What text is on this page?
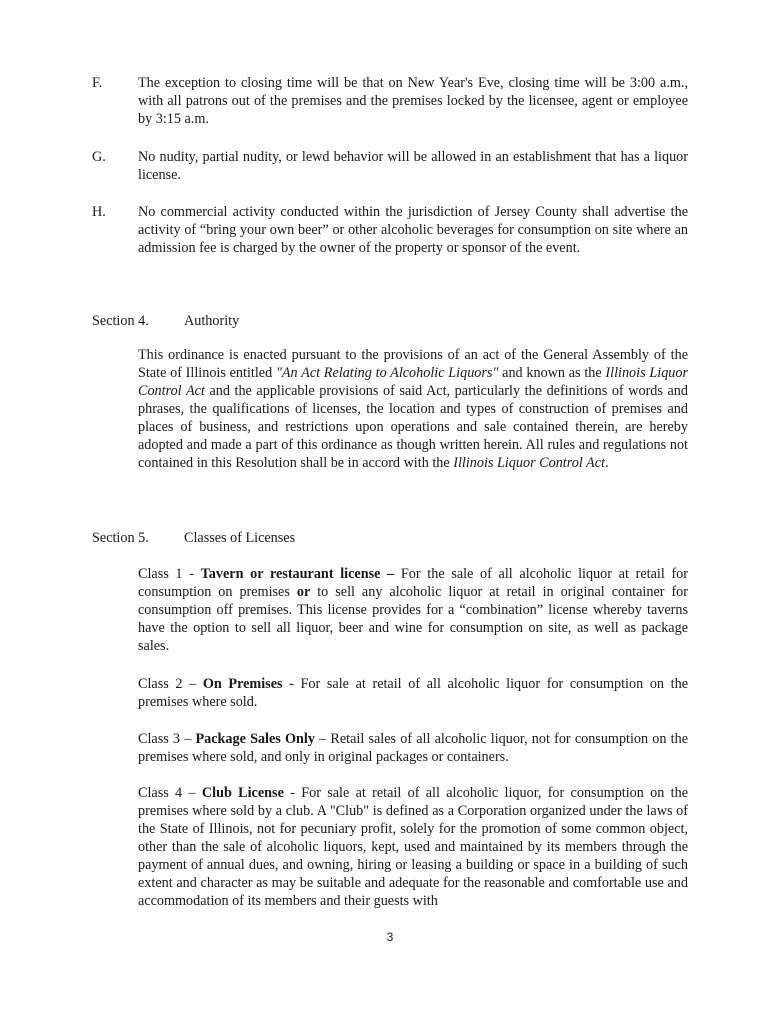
F.	The exception to closing time will be that on New Year's Eve, closing time will be 3:00 a.m., with all patrons out of the premises and the premises locked by the licensee, agent or employee by 3:15 a.m.
G. No nudity, partial nudity, or lewd behavior will be allowed in an establishment that has a liquor license.
H. No commercial activity conducted within the jurisdiction of Jersey County shall advertise the activity of “bring your own beer” or other alcoholic beverages for consumption on site where an admission fee is charged by the owner of the property or sponsor of the event.
Section 4. Authority
This ordinance is enacted pursuant to the provisions of an act of the General Assembly of the State of Illinois entitled "An Act Relating to Alcoholic Liquors" and known as the Illinois Liquor Control Act and the applicable provisions of said Act, particularly the definitions of words and phrases, the qualifications of licenses, the location and types of construction of premises and places of business, and restrictions upon operations and sale contained therein, are hereby adopted and made a part of this ordinance as though written herein. All rules and regulations not contained in this Resolution shall be in accord with the Illinois Liquor Control Act.
Section 5. Classes of Licenses
Class 1 - Tavern or restaurant license – For the sale of all alcoholic liquor at retail for consumption on premises or to sell any alcoholic liquor at retail in original container for consumption off premises. This license provides for a “combination” license whereby taverns have the option to sell all liquor, beer and wine for consumption on site, as well as package sales.
Class 2 – On Premises - For sale at retail of all alcoholic liquor for consumption on the premises where sold.
Class 3 – Package Sales Only – Retail sales of all alcoholic liquor, not for consumption on the premises where sold, and only in original packages or containers.
Class 4 – Club License - For sale at retail of all alcoholic liquor, for consumption on the premises where sold by a club. A "Club" is defined as a Corporation organized under the laws of the State of Illinois, not for pecuniary profit, solely for the promotion of some common object, other than the sale of alcoholic liquors, kept, used and maintained by its members through the payment of annual dues, and owning, hiring or leasing a building or space in a building of such extent and character as may be suitable and adequate for the reasonable and comfortable use and accommodation of its members and their guests with
3
